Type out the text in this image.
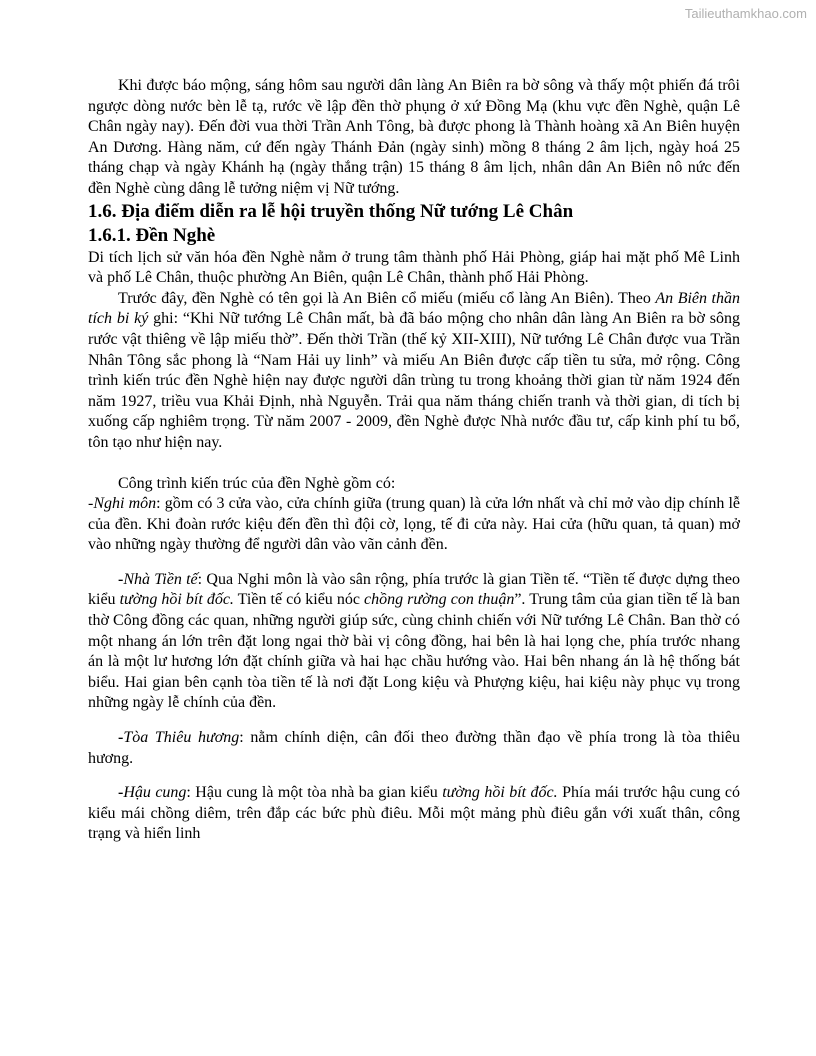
Tailieuthamkhao.com

Khi được báo mộng, sáng hôm sau người dân làng An Biên ra bờ sông và thấy một phiến đá trôi ngược dòng nước bèn lễ tạ, rước về lập đền thờ phụng ở xứ Đồng Mạ (khu vực đền Nghè, quận Lê Chân ngày nay). Đến đời vua thời Trần Anh Tông, bà được phong là Thành hoàng xã An Biên huyện An Dương. Hàng năm, cứ đến ngày Thánh Đản (ngày sinh) mồng 8 tháng 2 âm lịch, ngày hoá 25 tháng chạp và ngày Khánh hạ (ngày thắng trận) 15 tháng 8 âm lịch, nhân dân An Biên nô nức đến đền Nghè cùng dâng lễ tưởng niệm vị Nữ tướng.

1.6. Địa điểm diễn ra lễ hội truyền thống Nữ tướng Lê Chân
1.6.1. Đền Nghè

Di tích lịch sử văn hóa đền Nghè nằm ở trung tâm thành phố Hải Phòng, giáp hai mặt phố Mê Linh và phố Lê Chân, thuộc phường An Biên, quận Lê Chân, thành phố Hải Phòng.

Trước đây, đền Nghè có tên gọi là An Biên cổ miếu (miếu cổ làng An Biên). Theo An Biên thần tích bi ký ghi: “Khi Nữ tướng Lê Chân mất, bà đã báo mộng cho nhân dân làng An Biên ra bờ sông rước vật thiêng về lập miếu thờ”. Đến thời Trần (thế kỷ XII-XIII), Nữ tướng Lê Chân được vua Trần Nhân Tông sắc phong là “Nam Hải uy linh” và miếu An Biên được cấp tiền tu sửa, mở rộng. Công trình kiến trúc đền Nghè hiện nay được người dân trùng tu trong khoảng thời gian từ năm 1924 đến năm 1927, triều vua Khải Định, nhà Nguyễn. Trải qua năm tháng chiến tranh và thời gian, di tích bị xuống cấp nghiêm trọng. Từ năm 2007 - 2009, đền Nghè được Nhà nước đầu tư, cấp kinh phí tu bổ, tôn tạo như hiện nay.

Công trình kiến trúc của đền Nghè gồm có:

-Nghi môn: gồm có 3 cửa vào, cửa chính giữa (trung quan) là cửa lớn nhất và chỉ mở vào dịp chính lễ của đền. Khi đoàn rước kiệu đến đền thì đội cờ, lọng, tế đi cửa này. Hai cửa (hữu quan, tả quan) mở vào những ngày thường để người dân vào vãn cảnh đền.

-Nhà Tiền tế: Qua Nghi môn là vào sân rộng, phía trước là gian Tiền tế. “Tiền tế được dựng theo kiểu tường hồi bít đốc. Tiền tế có kiểu nóc chồng rường con thuận”. Trung tâm của gian tiền tế là ban thờ Công đồng các quan, những người giúp sức, cùng chinh chiến với Nữ tướng Lê Chân. Ban thờ có một nhang án lớn trên đặt long ngai thờ bài vị công đồng, hai bên là hai lọng che, phía trước nhang án là một lư hương lớn đặt chính giữa và hai hạc chầu hướng vào. Hai bên nhang án là hệ thống bát biểu. Hai gian bên cạnh tòa tiền tế là nơi đặt Long kiệu và Phượng kiệu, hai kiệu này phục vụ trong những ngày lễ chính của đền.

-Tòa Thiêu hương: nằm chính diện, cân đối theo đường thần đạo về phía trong là tòa thiêu hương.

-Hậu cung: Hậu cung là một tòa nhà ba gian kiểu tường hồi bít đốc. Phía mái trước hậu cung có kiểu mái chồng diêm, trên đắp các bức phù điêu. Mỗi một mảng phù điêu gắn với xuất thân, công trạng và hiển linh
